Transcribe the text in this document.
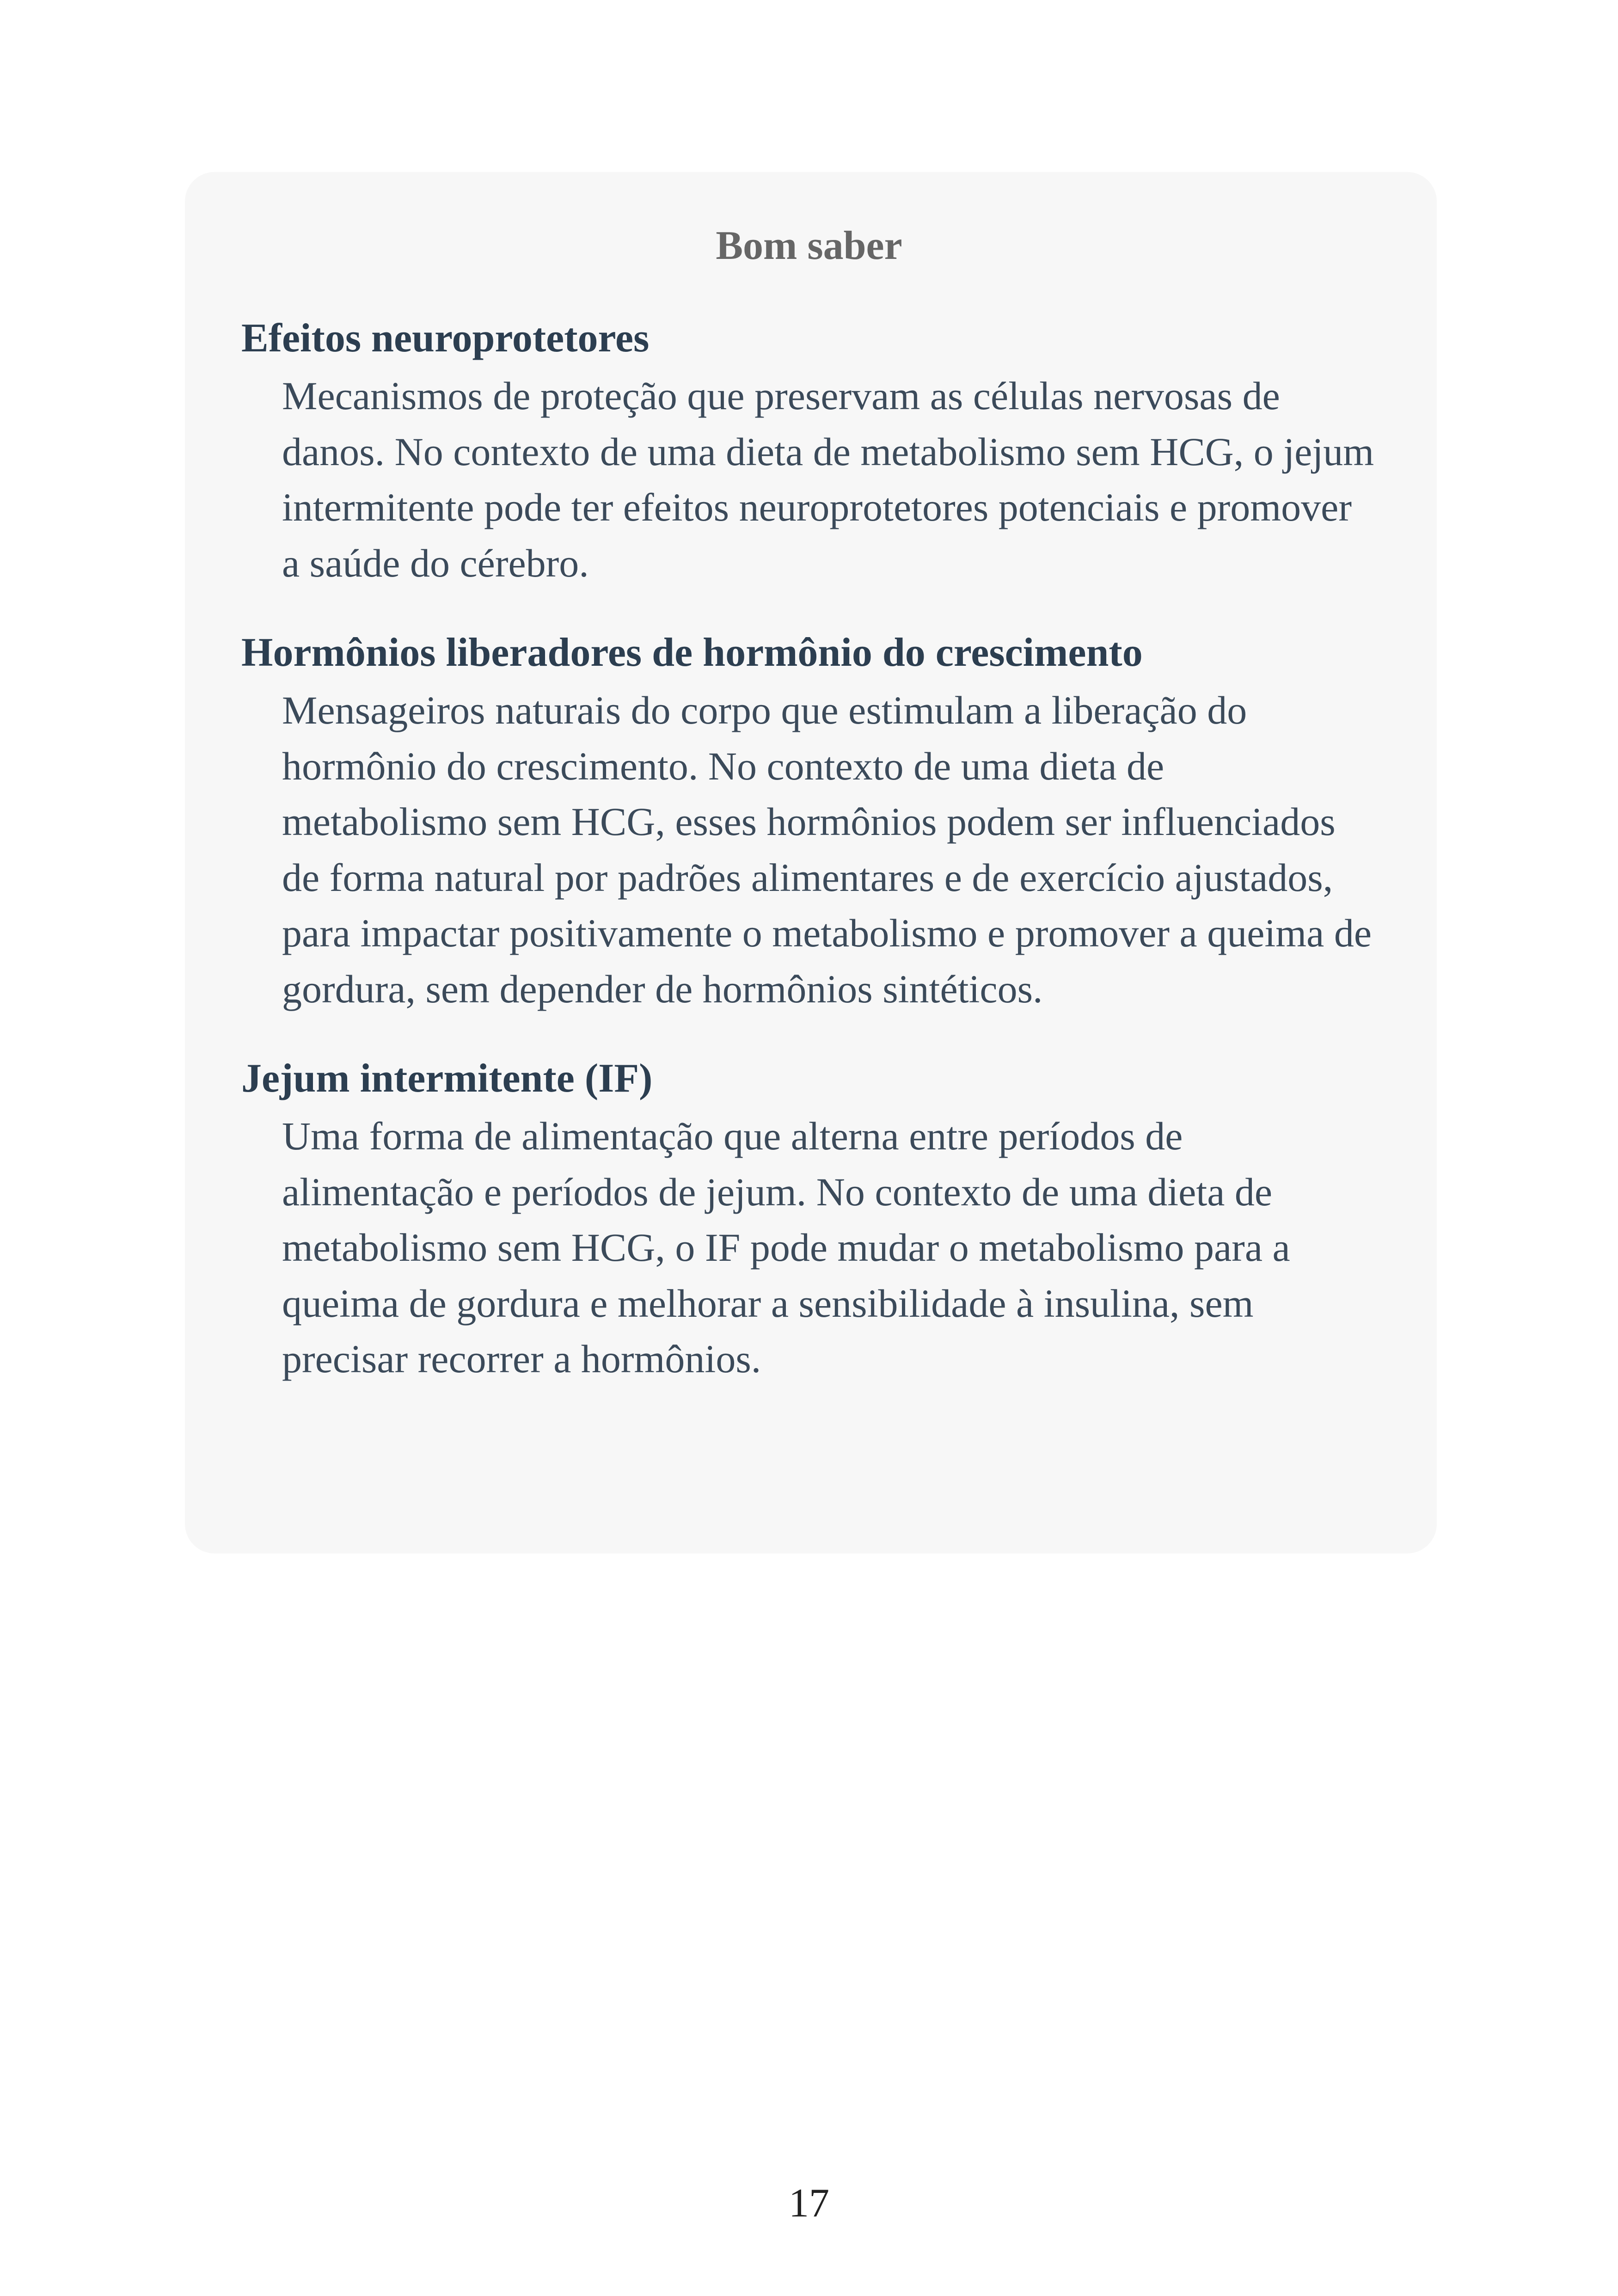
Bom saber
Efeitos neuroprotetores
Mecanismos de proteção que preservam as células nervosas de danos. No contexto de uma dieta de metabolismo sem HCG, o jejum intermitente pode ter efeitos neuroprotetores potenciais e promover a saúde do cérebro.
Hormônios liberadores de hormônio do crescimento
Mensageiros naturais do corpo que estimulam a liberação do hormônio do crescimento. No contexto de uma dieta de metabolismo sem HCG, esses hormônios podem ser influenciados de forma natural por padrões alimentares e de exercício ajustados, para impactar positivamente o metabolismo e promover a queima de gordura, sem depender de hormônios sintéticos.
Jejum intermitente (IF)
Uma forma de alimentação que alterna entre períodos de alimentação e períodos de jejum. No contexto de uma dieta de metabolismo sem HCG, o IF pode mudar o metabolismo para a queima de gordura e melhorar a sensibilidade à insulina, sem precisar recorrer a hormônios.
17
